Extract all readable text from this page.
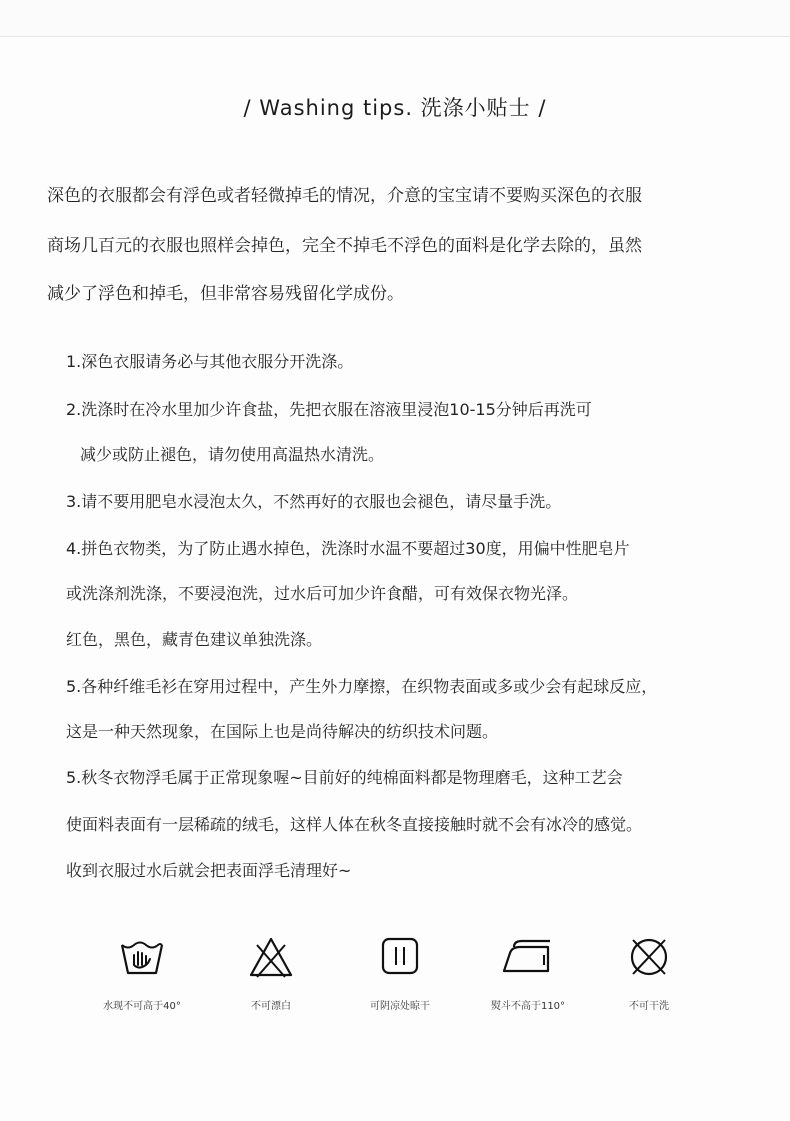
/ Washing tips. 洗涤小贴士 /
深色的衣服都会有浮色或者轻微掉毛的情况，介意的宝宝请不要购买深色的衣服
商场几百元的衣服也照样会掉色，完全不掉毛不浮色的面料是化学去除的，虽然
减少了浮色和掉毛，但非常容易残留化学成份。
1.深色衣服请务必与其他衣服分开洗涤。
2.洗涤时在冷水里加少许食盐，先把衣服在溶液里浸泡10-15分钟后再洗可
减少或防止褪色，请勿使用高温热水清洗。
3.请不要用肥皂水浸泡太久，不然再好的衣服也会褪色，请尽量手洗。
4.拼色衣物类，为了防止遇水掉色，洗涤时水温不要超过30度，用偏中性肥皂片
或洗涤剂洗涤，不要浸泡洗，过水后可加少许食醋，可有效保衣物光泽。
红色，黑色，藏青色建议单独洗涤。
5.各种纤维毛衫在穿用过程中，产生外力摩擦，在织物表面或多或少会有起球反应，
这是一种天然现象，在国际上也是尚待解决的纺织技术问题。
5.秋冬衣物浮毛属于正常现象喔~目前好的纯棉面料都是物理磨毛，这种工艺会
使面料表面有一层稀疏的绒毛，这样人体在秋冬直接接触时就不会有冰冷的感觉。
收到衣服过水后就会把表面浮毛清理好~
水现不可高于40°	不可漂白	可阴凉处晾干	熨斗不高于110°	不可干洗
